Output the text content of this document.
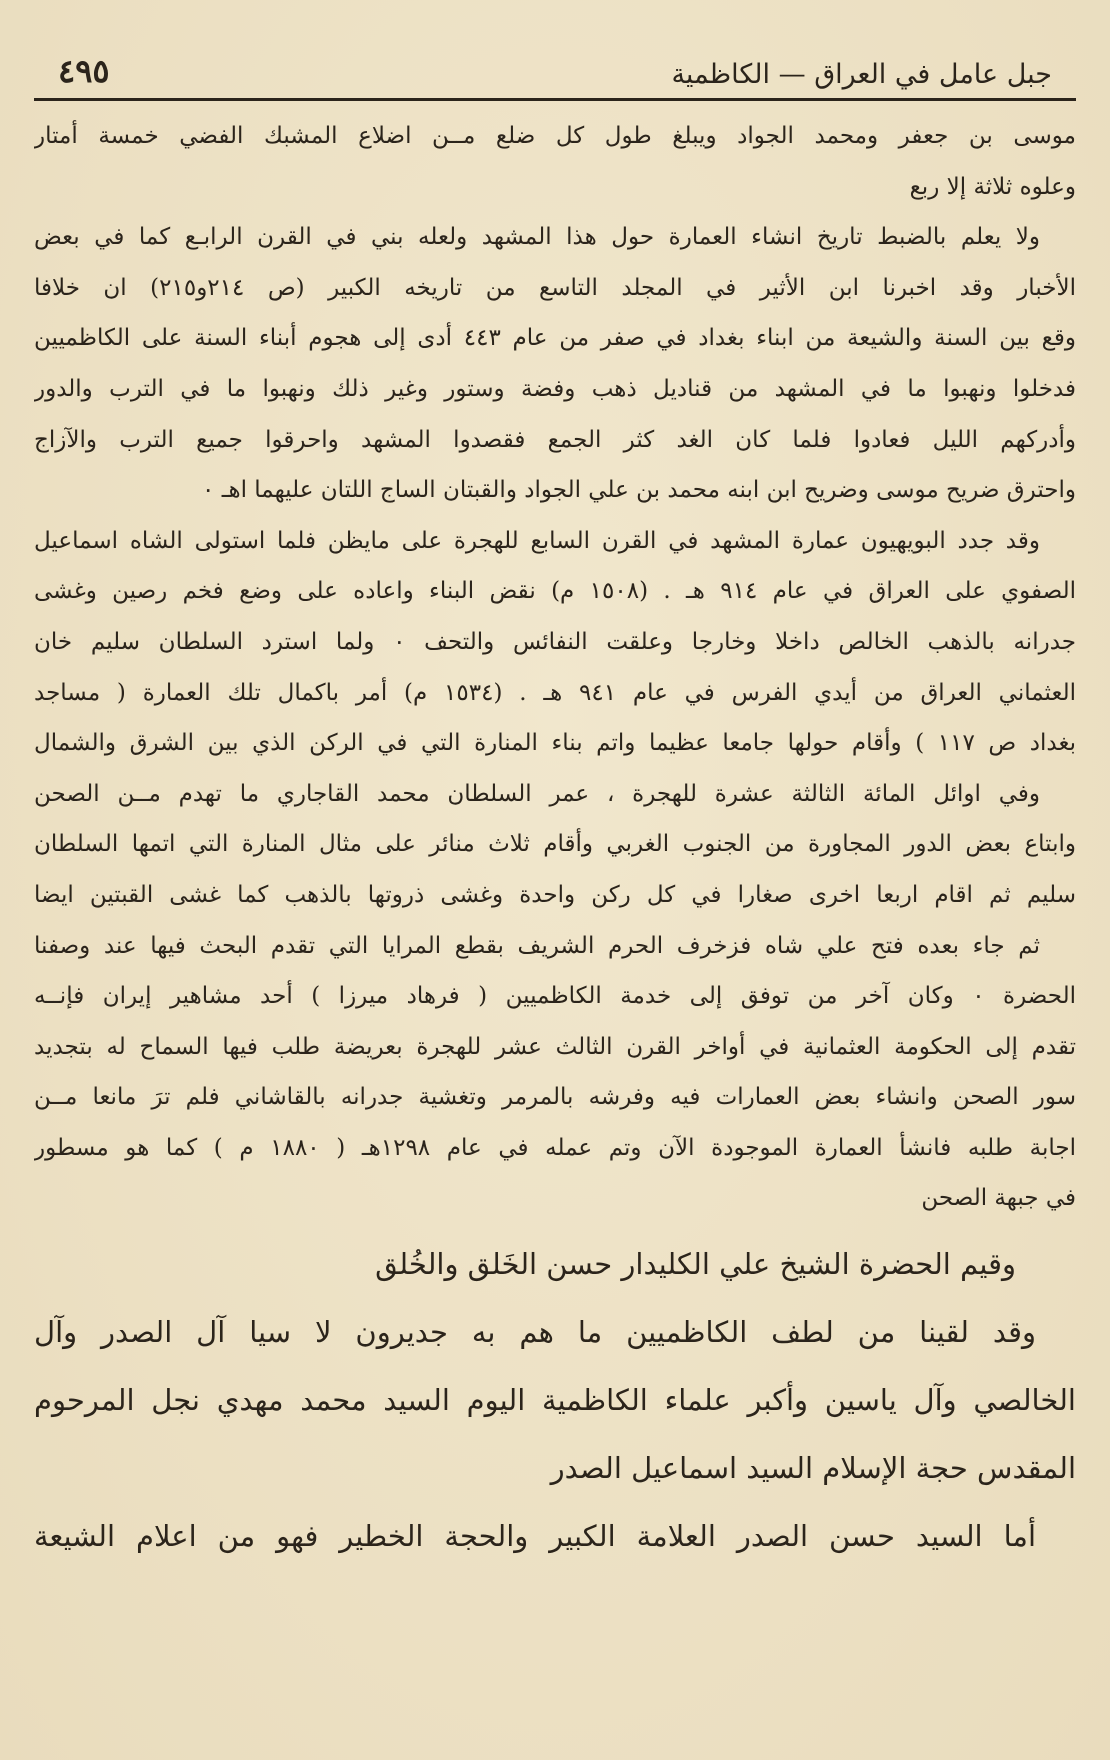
جبل عامل في العراق — الكاظمية
٤٩٥
موسى بن جعفر ومحمد الجواد ويبلغ طول كل ضلع مــن اضلاع المشبك الفضي خمسة أمتار
وعلوه ثلاثة إلا ربع
ولا يعلم بالضبط تاريخ انشاء العمارة حول هذا المشهد ولعله بني في القرن الرابـع كما في بعض
الأخبار وقد اخبرنا ابن الأثير في المجلد التاسع من تاريخه الكبير (ص ٢١٤و٢١٥) ان خلافا
وقع بين السنة والشيعة من ابناء بغداد في صفر من عام ٤٤٣ أدى إلى هجوم أبناء السنة على الكاظميين
فدخلوا ونهبوا ما في المشهد من قناديل ذهب وفضة وستور وغير ذلك ونهبوا ما في الترب والدور
وأدركهم الليل فعادوا فلما كان الغد كثر الجمع فقصدوا المشهد واحرقوا جميع الترب والآزاج
واحترق ضريح موسى وضريح ابن ابنه محمد بن علي الجواد والقبتان الساج اللتان عليهما اهـ ٠
وقد جدد البويهيون عمارة المشهد في القرن السابع للهجرة على مايظن فلما استولى الشاه اسماعيل
الصفوي على العراق في عام ٩١٤ هـ . (١٥٠٨ م) نقض البناء واعاده على وضع فخم رصين وغشى
جدرانه بالذهب الخالص داخلا وخارجا وعلقت النفائس والتحف ٠ ولما استرد السلطان سليم خان
العثماني العراق من أيدي الفرس في عام ٩٤١ هـ . (١٥٣٤ م) أمر باكمال تلك العمارة ( مساجد
بغداد ص ١١٧ ) وأقام حولها جامعا عظيما واتم بناء المنارة التي في الركن الذي بين الشرق والشمال
وفي اوائل المائة الثالثة عشرة للهجرة ، عمر السلطان محمد القاجاري ما تهدم مــن الصحن
وابتاع بعض الدور المجاورة من الجنوب الغربي وأقام ثلاث منائر على مثال المنارة التي اتمها السلطان
سليم ثم اقام اربعا اخرى صغارا في كل ركن واحدة وغشى ذروتها بالذهب كما غشى القبتين ايضا
ثم جاء بعده فتح علي شاه فزخرف الحرم الشريف بقطع المرايا التي تقدم البحث فيها عند وصفنا
الحضرة ٠ وكان آخر من توفق إلى خدمة الكاظميين ( فرهاد ميرزا ) أحد مشاهير إيران فإنــه
تقدم إلى الحكومة العثمانية في أواخر القرن الثالث عشر للهجرة بعريضة طلب فيها السماح له بتجديد
سور الصحن وانشاء بعض العمارات فيه وفرشه بالمرمر وتغشية جدرانه بالقاشاني فلم ترَ مانعا مــن
اجابة طلبه فانشأ العمارة الموجودة الآن وتم عمله في عام ١٢٩٨هـ ( ١٨٨٠ م ) كما هو مسطور
في جبهة الصحن
وقيم الحضرة الشيخ علي الكليدار حسن الخَلق والخُلق
وقد لقينا من لطف الكاظميين ما هم به جديرون لا سيا آل الصدر وآل
الخالصي وآل ياسين وأكبر علماء الكاظمية اليوم السيد محمد مهدي نجل المرحوم
المقدس حجة الإسلام السيد اسماعيل الصدر
أما السيد حسن الصدر العلامة الكبير والحجة الخطير فهو من اعلام الشيعة
